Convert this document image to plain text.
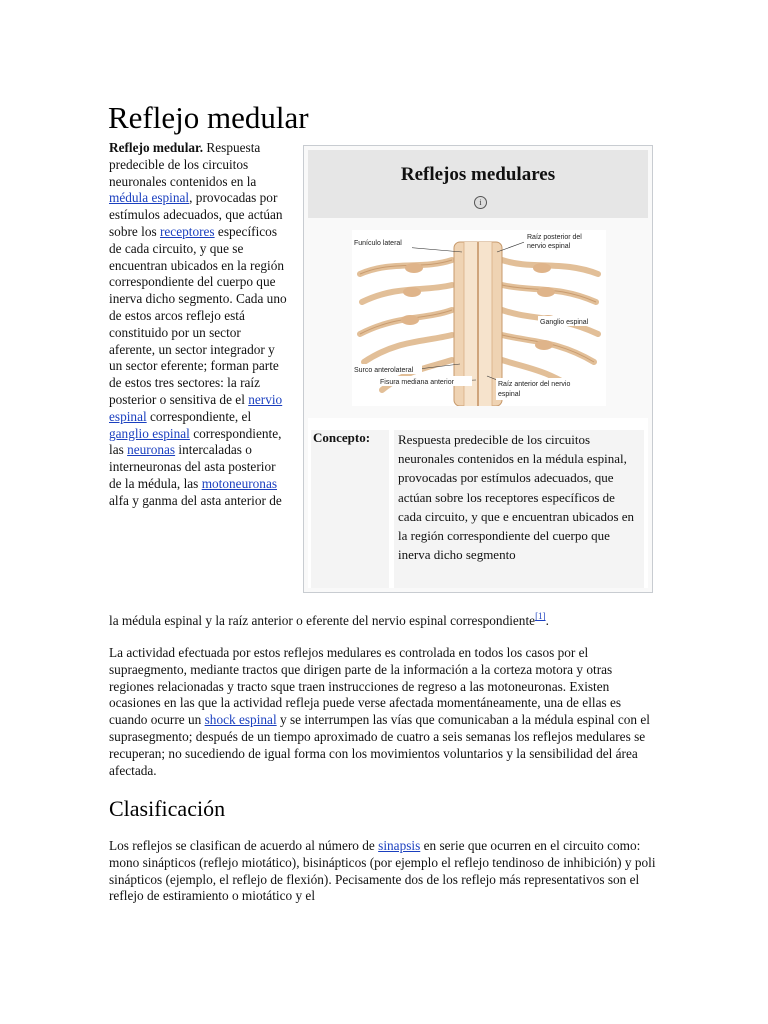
Reflejo medular
Reflejo medular. Respuesta predecible de los circuitos neuronales contenidos en la médula espinal, provocadas por estímulos adecuados, que actúan sobre los receptores específicos de cada circuito, y que se encuentran ubicados en la región correspondiente del cuerpo que inerva dicho segmento. Cada uno de estos arcos reflejo está constituido por un sector aferente, un sector integrador y un sector eferente; forman parte de estos tres sectores: la raíz posterior o sensitiva de el nervio espinal correspondiente, el ganglio espinal correspondiente, las neuronas intercaladas o interneuronas del asta posterior de la médula, las motoneuronas alfa y ganma del asta anterior de
Reflejos medulares
i
Funículo lateral
Raíz posterior del
nervio espinal
Ganglio espinal
Surco anterolateral
Fisura mediana anterior	Raíz anterior del nervio
espinal
Concepto:	Respuesta predecible de los circuitos neuronales contenidos en la médula espinal, provocadas por estímulos adecuados, que actúan sobre los receptores específicos de cada circuito, y que e encuentran ubicados en la región correspondiente del cuerpo que inerva dicho segmento
la médula espinal y la raíz anterior o eferente del nervio espinal correspondiente[1].
La actividad efectuada por estos reflejos medulares es controlada en todos los casos por el supraegmento, mediante tractos que dirigen parte de la información a la corteza motora y otras regiones relacionadas y tracto sque traen instrucciones de regreso a las motoneuronas. Existen ocasiones en las que la actividad refleja puede verse afectada momentáneamente, una de ellas es cuando ocurre un shock espinal y se interrumpen las vías que comunicaban a la médula espinal con el suprasegmento; después de un tiempo aproximado de cuatro a seis semanas los reflejos medulares se recuperan; no sucediendo de igual forma con los movimientos voluntarios y la sensibilidad del área afectada.
Clasificación
Los reflejos se clasifican de acuerdo al número de sinapsis en serie que ocurren en el circuito como: mono sinápticos (reflejo miotático), bisinápticos (por ejemplo el reflejo tendinoso de inhibición) y poli sinápticos (ejemplo, el reflejo de flexión). Pecisamente dos de los reflejo más representativos son el reflejo de estiramiento o miotático y el
